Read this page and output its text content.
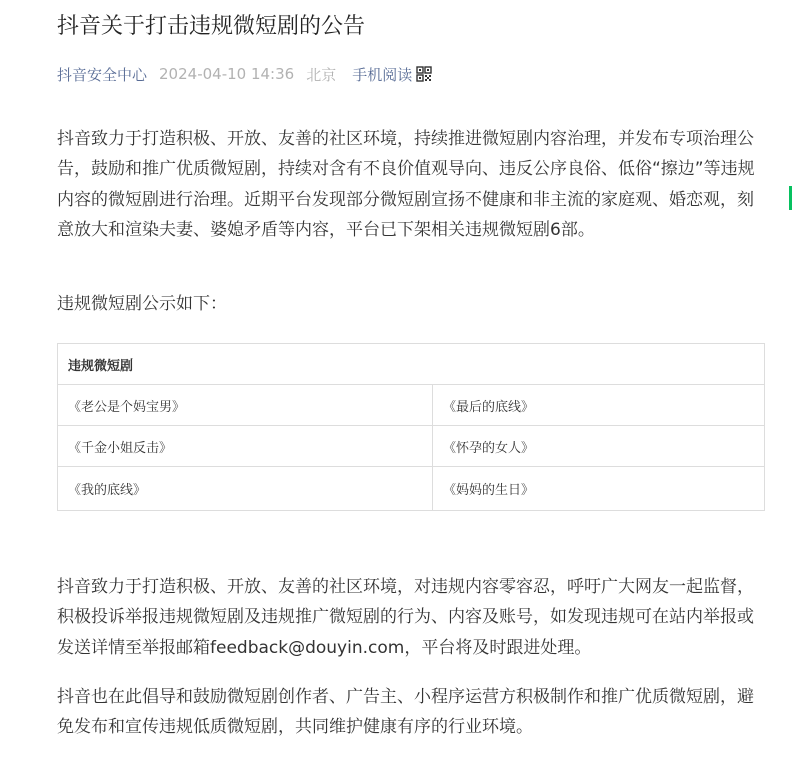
抖音关于打击违规微短剧的公告
抖音安全中心 2024-04-10 14:36 北京 手机阅读

抖音致力于打造积极、开放、友善的社区环境，持续推进微短剧内容治理，并发布专项治理公告，鼓励和推广优质微短剧，持续对含有不良价值观导向、违反公序良俗、低俗“擦边”等违规内容的微短剧进行治理。近期平台发现部分微短剧宣扬不健康和非主流的家庭观、婚恋观，刻意放大和渲染夫妻、婆媳矛盾等内容，平台已下架相关违规微短剧6部。

违规微短剧公示如下：

违规微短剧	
《老公是个妈宝男》	《最后的底线》
《千金小姐反击》	《怀孕的女人》
《我的底线》	《妈妈的生日》

抖音致力于打造积极、开放、友善的社区环境，对违规内容零容忍，呼吁广大网友一起监督，积极投诉举报违规微短剧及违规推广微短剧的行为、内容及账号，如发现违规可在站内举报或发送详情至举报邮箱feedback@douyin.com，平台将及时跟进处理。

抖音也在此倡导和鼓励微短剧创作者、广告主、小程序运营方积极制作和推广优质微短剧，避免发布和宣传违规低质微短剧，共同维护健康有序的行业环境。
